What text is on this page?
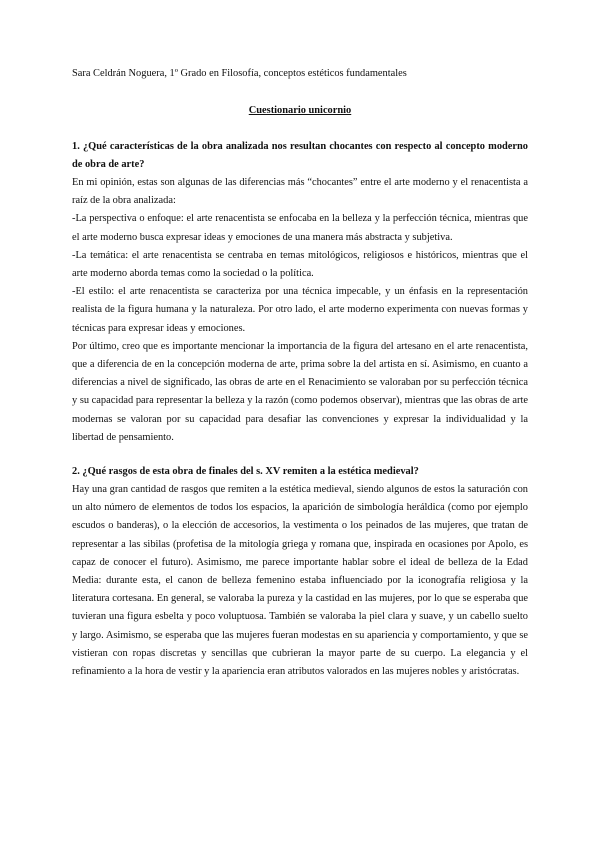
Sara Celdrán Noguera, 1º Grado en Filosofía, conceptos estéticos fundamentales

Cuestionario unicornio

1. ¿Qué características de la obra analizada nos resultan chocantes con respecto al concepto moderno de obra de arte?

En mi opinión, estas son algunas de las diferencias más “chocantes” entre el arte moderno y el renacentista a raíz de la obra analizada:

-La perspectiva o enfoque: el arte renacentista se enfocaba en la belleza y la perfección técnica, mientras que el arte moderno busca expresar ideas y emociones de una manera más abstracta y subjetiva.

-La temática: el arte renacentista se centraba en temas mitológicos, religiosos e históricos, mientras que el arte moderno aborda temas como la sociedad o la política.

-El estilo: el arte renacentista se caracteriza por una técnica impecable, y un énfasis en la representación realista de la figura humana y la naturaleza. Por otro lado, el arte moderno experimenta con nuevas formas y técnicas para expresar ideas y emociones.

Por último, creo que es importante mencionar la importancia de la figura del artesano en el arte renacentista, que a diferencia de en la concepción moderna de arte, prima sobre la del artista en sí. Asimismo, en cuanto a diferencias a nivel de significado, las obras de arte en el Renacimiento se valoraban por su perfección técnica y su capacidad para representar la belleza y la razón (como podemos observar), mientras que las obras de arte modernas se valoran por su capacidad para desafiar las convenciones y expresar la individualidad y la libertad de pensamiento.

2. ¿Qué rasgos de esta obra de finales del s. XV remiten a la estética medieval?

Hay una gran cantidad de rasgos que remiten a la estética medieval, siendo algunos de estos la saturación con un alto número de elementos de todos los espacios, la aparición de simbología heráldica (como por ejemplo escudos o banderas), o la elección de accesorios, la vestimenta o los peinados de las mujeres, que tratan de representar a las sibilas (profetisa de la mitología griega y romana que, inspirada en ocasiones por Apolo, es capaz de conocer el futuro). Asimismo, me parece importante hablar sobre el ideal de belleza de la Edad Media: durante esta, el canon de belleza femenino estaba influenciado por la iconografía religiosa y la literatura cortesana. En general, se valoraba la pureza y la castidad en las mujeres, por lo que se esperaba que tuvieran una figura esbelta y poco voluptuosa. También se valoraba la piel clara y suave, y un cabello suelto y largo. Asimismo, se esperaba que las mujeres fueran modestas en su apariencia y comportamiento, y que se vistieran con ropas discretas y sencillas que cubrieran la mayor parte de su cuerpo. La elegancia y el refinamiento a la hora de vestir y la apariencia eran atributos valorados en las mujeres nobles y aristócratas.
